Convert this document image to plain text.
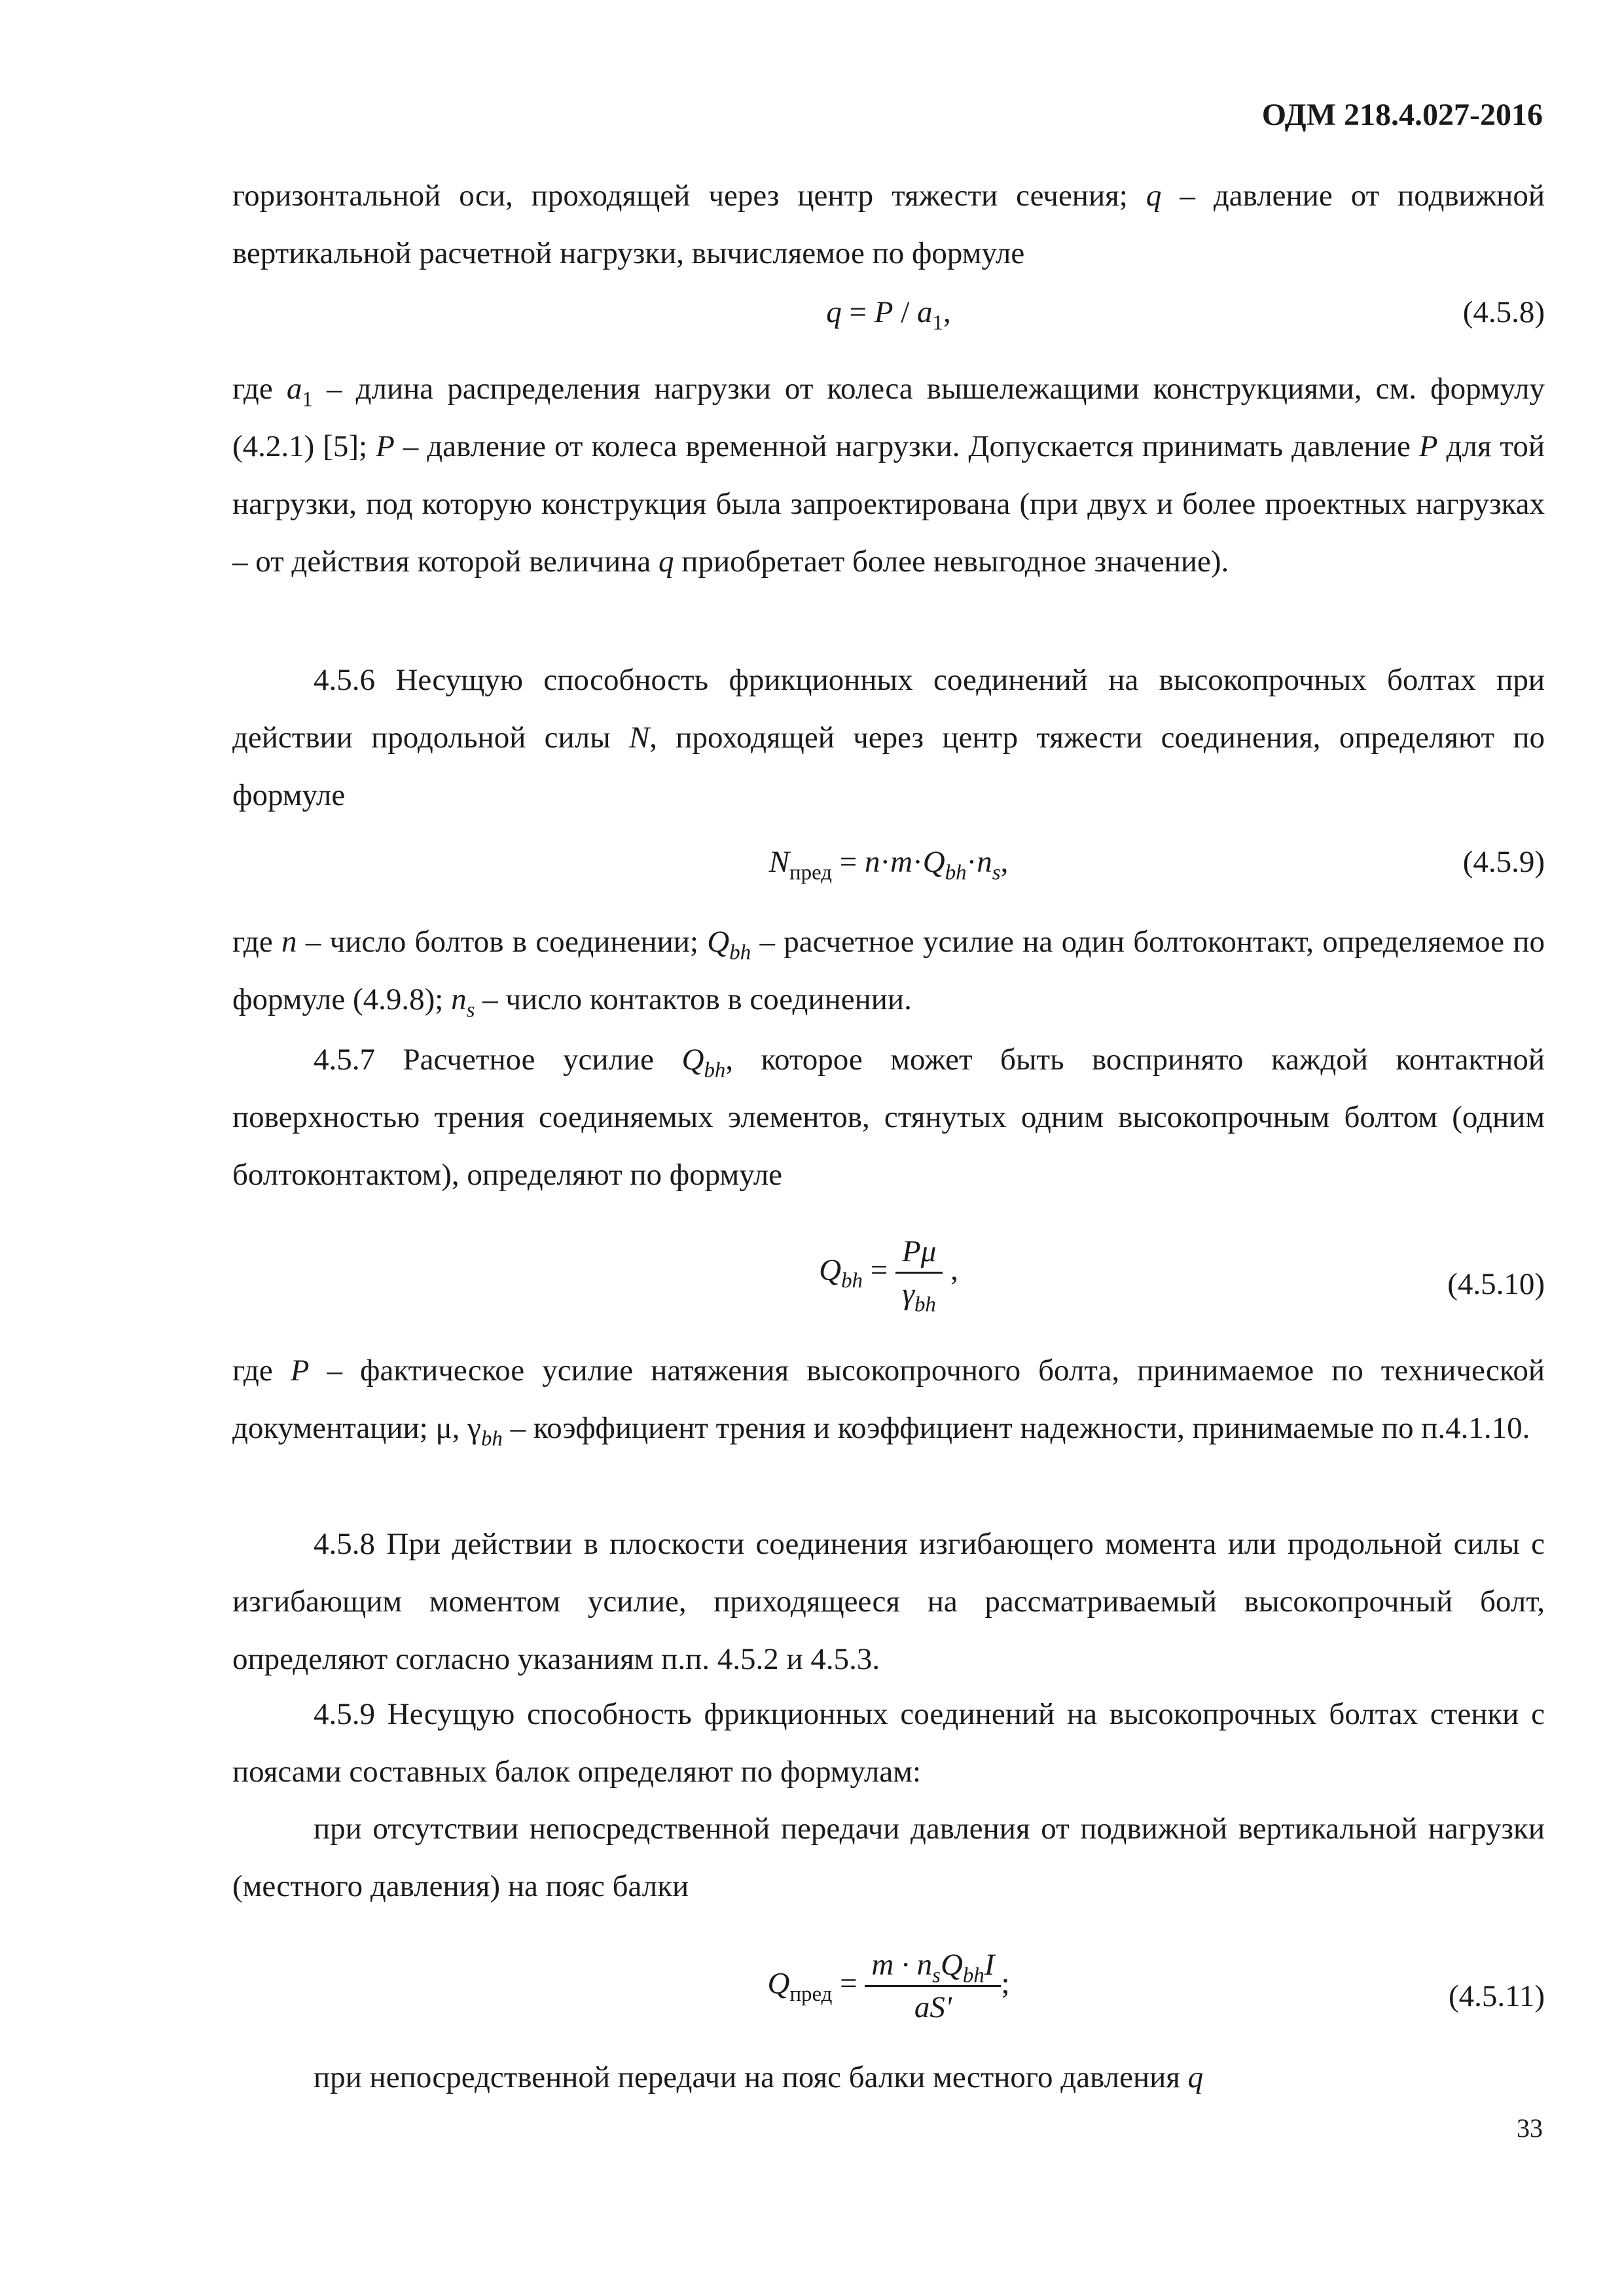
ОДМ 218.4.027-2016

горизонтальной оси, проходящей через центр тяжести сечения; q – давление от подвижной вертикальной расчетной нагрузки, вычисляемое по формуле

$q = P / a_1$,	(4.5.8)

где $a_1$ – длина распределения нагрузки от колеса вышележащими конструкциями, см. формулу (4.2.1) [5]; P – давление от колеса временной нагрузки. Допускается принимать давление P для той нагрузки, под которую конструкция была запроектирована (при двух и более проектных нагрузках – от действия которой величина q приобретает более невыгодное значение).

4.5.6 Несущую способность фрикционных соединений на высокопрочных болтах при действии продольной силы N, проходящей через центр тяжести соединения, определяют по формуле

$N_{пред} = n\cdot m\cdot Q_{bh}\cdot n_s$,	(4.5.9)

где n – число болтов в соединении; $Q_{bh}$ – расчетное усилие на один болтоконтакт, определяемое по формуле (4.9.8); $n_s$ – число контактов в соединении.

4.5.7 Расчетное усилие $Q_{bh}$, которое может быть воспринято каждой контактной поверхностью трения соединяемых элементов, стянутых одним высокопрочным болтом (одним болтоконтактом), определяют по формуле

$Q_{bh} = \frac{P\mu}{\gamma_{bh}}$ ,	(4.5.10)

где P – фактическое усилие натяжения высокопрочного болта, принимаемое по технической документации; μ, $\gamma_{bh}$ – коэффициент трения и коэффициент надежности, принимаемые по п.4.1.10.

4.5.8 При действии в плоскости соединения изгибающего момента или продольной силы с изгибающим моментом усилие, приходящееся на рассматриваемый высокопрочный болт, определяют согласно указаниям п.п. 4.5.2 и 4.5.3.

4.5.9 Несущую способность фрикционных соединений на высокопрочных болтах стенки с поясами составных балок определяют по формулам:

при отсутствии непосредственной передачи давления от подвижной вертикальной нагрузки (местного давления) на пояс балки

$Q_{пред} = \frac{m \cdot n_sQ_{bh}I}{aS'}$ ;	(4.5.11)

при непосредственной передачи на пояс балки местного давления q

33
